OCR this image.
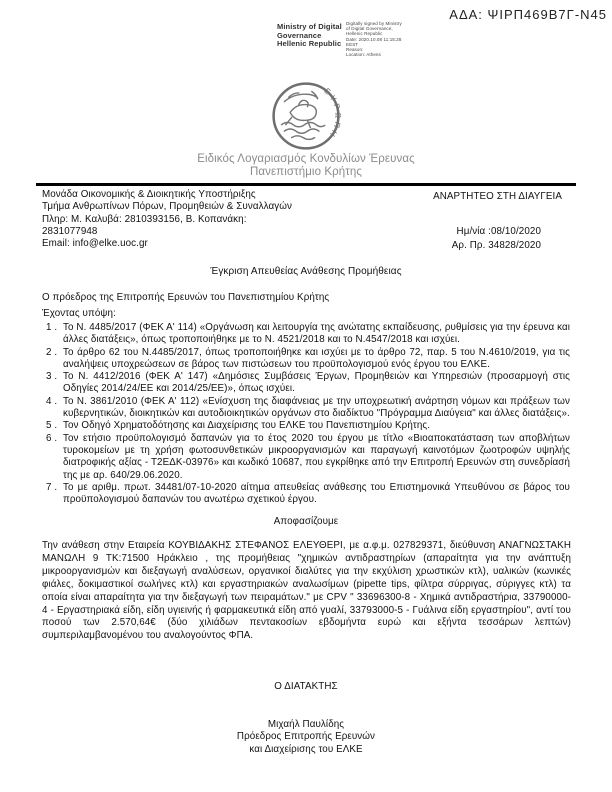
ΑΔΑ: ΨΙΡΠ469Β7Γ-Ν45
Ministry of Digital
Governance
Hellenic Republic
Digitally signed by Ministry
of Digital Governance,
Hellenic Republic
Date: 2020.10.08 11:15:28
EEST
Reason:
Location: Athens
ΕΥΡΩΠΗ
Ειδικός Λογαριασμός Κονδυλίων Έρευνας
Πανεπιστήμιο Κρήτης
Μονάδα Οικονομικής & Διοικητικής Υποστήριξης
Τμήμα Ανθρωπίνων Πόρων, Προμηθειών & Συναλλαγών
Πληρ: Μ. Καλυβά: 2810393156, Β. Κοπανάκη:
2831077948
Email: info@elke.uoc.gr
ΑΝΑΡΤΗΤΕΟ ΣΤΗ ΔΙΑΥΓΕΙΑ
Ημ/νία :08/10/2020
Αρ. Πρ. 34828/2020
Έγκριση Απευθείας Ανάθεσης Προμήθειας
Ο πρόεδρος της Επιτροπής Ερευνών του Πανεπιστημίου Κρήτης
Έχοντας υπόψη:
1 . Το Ν. 4485/2017 (ΦΕΚ Α' 114) «Οργάνωση και λειτουργία της ανώτατης εκπαίδευσης, ρυθμίσεις για την έρευνα και άλλες διατάξεις», όπως τροποποιήθηκε με το Ν. 4521/2018 και το Ν.4547/2018 και ισχύει.
2 . Το άρθρο 62 του Ν.4485/2017, όπως τροποποιήθηκε και ισχύει με το άρθρο 72, παρ. 5 του Ν.4610/2019, για τις αναλήψεις υποχρεώσεων σε βάρος των πιστώσεων του προϋπολογισμού ενός έργου του ΕΛΚΕ.
3 . Το Ν. 4412/2016 (ΦΕΚ Α' 147) «Δημόσιες Συμβάσεις Έργων, Προμηθειών και Υπηρεσιών (προσαρμογή στις Οδηγίες 2014/24/ΕΕ και 2014/25/ΕΕ)», όπως ισχύει.
4 . Το Ν. 3861/2010 (ΦΕΚ Α' 112) «Ενίσχυση της διαφάνειας με την υποχρεωτική ανάρτηση νόμων και πράξεων των κυβερνητικών, διοικητικών και αυτοδιοικητικών οργάνων στο διαδίκτυο "Πρόγραμμα Διαύγεια" και άλλες διατάξεις».
5 . Τον Οδηγό Χρηματοδότησης και Διαχείρισης του ΕΛΚΕ του Πανεπιστημίου Κρήτης.
6 . Τον ετήσιο προϋπολογισμό δαπανών για το έτος 2020 του έργου με τίτλο «Βιοαποκατάσταση των αποβλήτων τυροκομείων με τη χρήση φωτοσυνθετικών μικροοργανισμών και παραγωγή καινοτόμων ζωοτροφών υψηλής διατροφικής αξίας - Τ2ΕΔΚ-03976» και κωδικό 10687, που εγκρίθηκε από την Επιτροπή Ερευνών στη συνεδρίασή της με αρ. 640/29.06.2020.
7 . Το με αριθμ. πρωτ. 34481/07-10-2020 αίτημα απευθείας ανάθεσης του Επιστημονικά Υπευθύνου σε βάρος του προϋπολογισμού δαπανών του ανωτέρω σχετικού έργου.
Αποφασίζουμε
Την ανάθεση στην Εταιρεία ΚΟΥΒΙΔΑΚΗΣ ΣΤΕΦΑΝΟΣ ΕΛΕΥΘΕΡΙ, με α.φ.μ. 027829371, διεύθυνση ΑΝΑΓΝΩΣΤΑΚΗ ΜΑΝΩΛΗ 9 ΤΚ:71500 Ηράκλειο , της προμήθειας "χημικών αντιδραστηρίων (απαραίτητα για την ανάπτυξη μικροοργανισμών και διεξαγωγή αναλύσεων, οργανικοί διαλύτες για την εκχύλιση χρωστικών κτλ), υαλικών (κωνικές φιάλες, δοκιμαστικοί σωλήνες κτλ) και εργαστηριακών αναλωσίμων (pipette tips, φίλτρα σύρριγας, σύριγγες κτλ) τα οποία είναι απαραίτητα για την διεξαγωγή των πειραμάτων." με CPV " 33696300-8 - Χημικά αντιδραστήρια, 33790000-4 - Εργαστηριακά είδη, είδη υγιεινής ή φαρμακευτικά είδη από γυαλί, 33793000-5 - Γυάλινα είδη εργαστηρίου", αντί του ποσού των 2.570,64€ (δύο χιλιάδων πεντακοσίων εβδομήντα ευρώ και εξήντα τεσσάρων λεπτών) συμπεριλαμβανομένου του αναλογούντος ΦΠΑ.
Ο ΔΙΑΤΑΚΤΗΣ
Μιχαήλ Παυλίδης
Πρόεδρος Επιτροπής Ερευνών
και Διαχείρισης του ΕΛΚΕ
